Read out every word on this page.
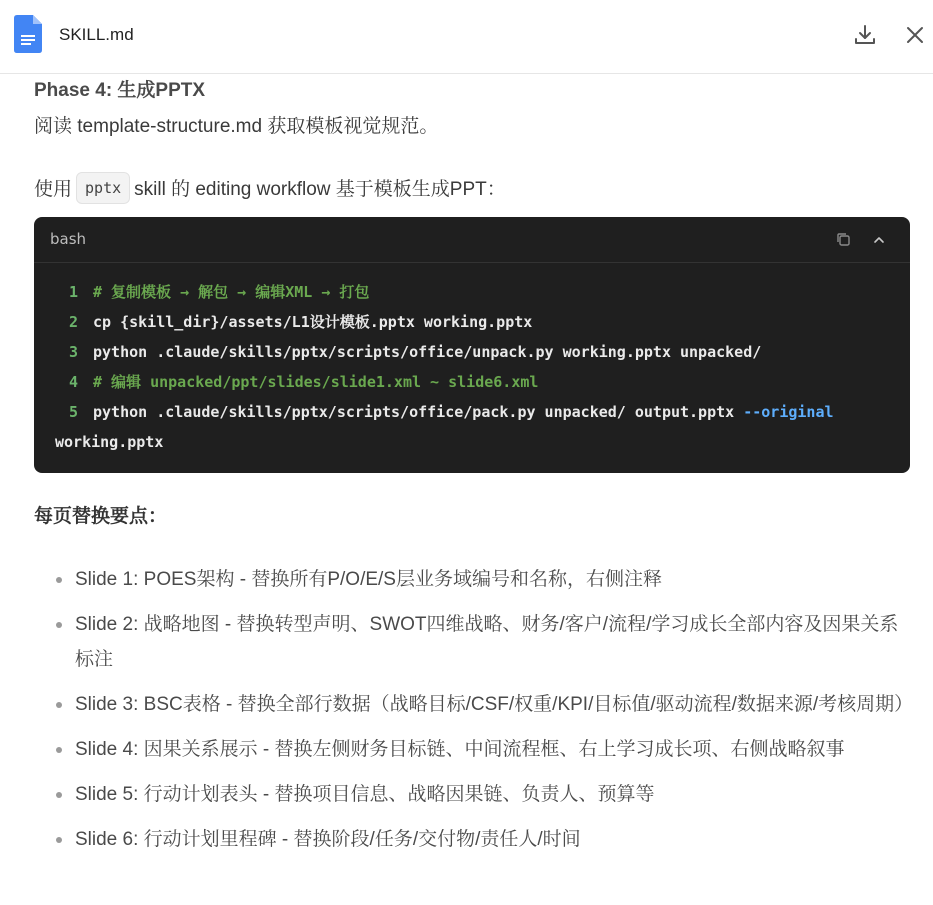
SKILL.md
Phase 4: 生成PPTX
阅读 template-structure.md 获取模板视觉规范。
使用 pptx skill 的 editing workflow 基于模板生成PPT：
bash
1 # 复制模板 → 解包 → 编辑XML → 打包
2 cp {skill_dir}/assets/L1设计模板.pptx working.pptx
3 python .claude/skills/pptx/scripts/office/unpack.py working.pptx unpacked/
4 # 编辑 unpacked/ppt/slides/slide1.xml ~ slide6.xml
5 python .claude/skills/pptx/scripts/office/pack.py unpacked/ output.pptx --original
working.pptx
每页替换要点：
Slide 1: POES架构 - 替换所有P/O/E/S层业务域编号和名称，右侧注释
Slide 2: 战略地图 - 替换转型声明、SWOT四维战略、财务/客户/流程/学习成长全部内容及因果关系标注
Slide 3: BSC表格 - 替换全部行数据（战略目标/CSF/权重/KPI/目标值/驱动流程/数据来源/考核周期）
Slide 4: 因果关系展示 - 替换左侧财务目标链、中间流程框、右上学习成长项、右侧战略叙事
Slide 5: 行动计划表头 - 替换项目信息、战略因果链、负责人、预算等
Slide 6: 行动计划里程碑 - 替换阶段/任务/交付物/责任人/时间
